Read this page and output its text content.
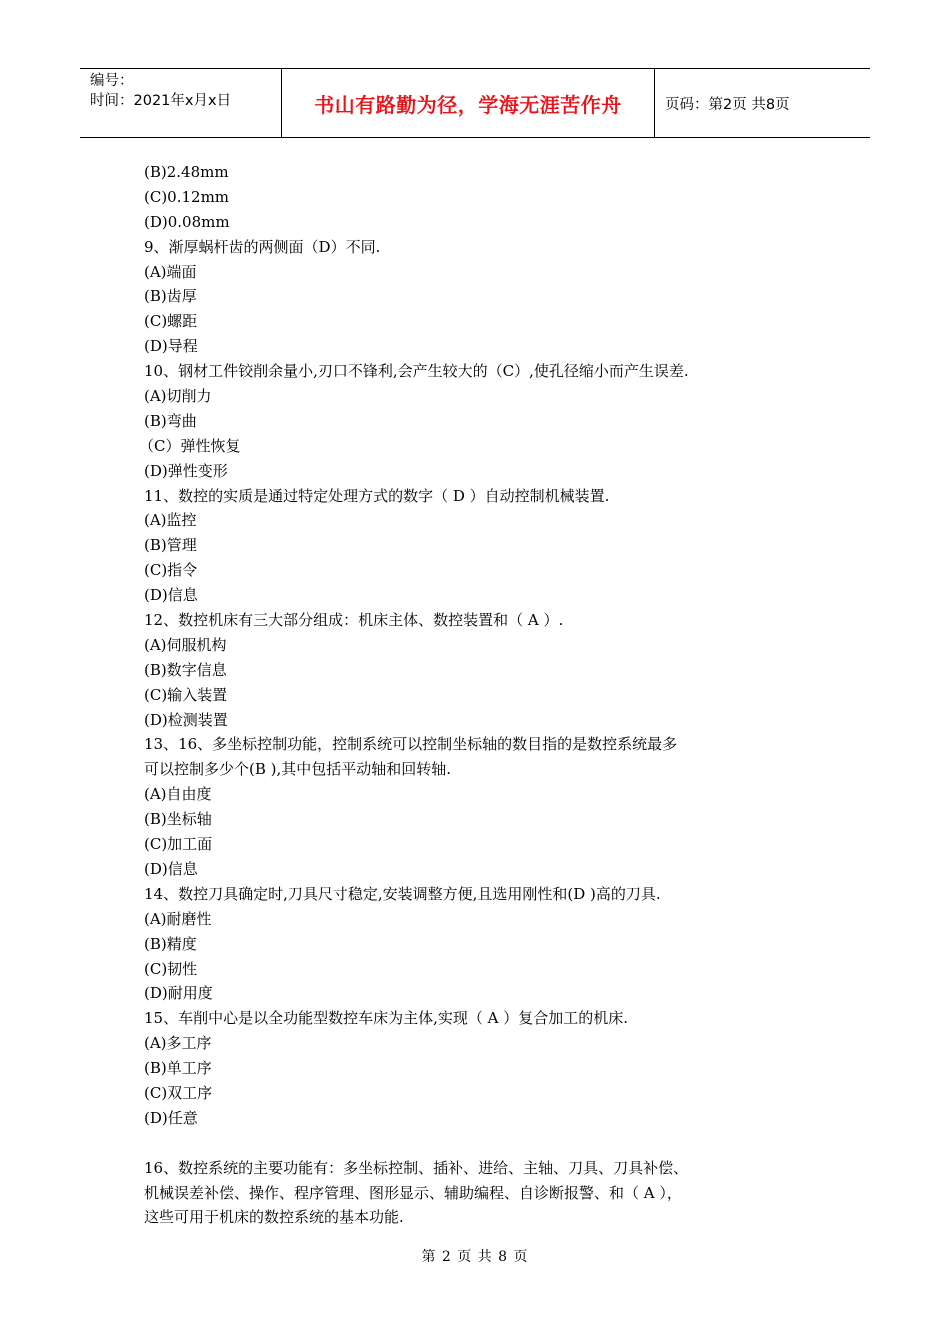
编号：
时间：2021年x月x日	书山有路勤为径，学海无涯苦作舟	页码：第2页 共8页
(B)2.48mm
(C)0.12mm
(D)0.08mm
9、渐厚蜗杆齿的两侧面（D）不同.
(A)端面
(B)齿厚
(C)螺距
(D)导程
10、钢材工件铰削余量小,刃口不锋利,会产生较大的（C）,使孔径缩小而产生误差.
(A)切削力
(B)弯曲
（C）弹性恢复
(D)弹性变形
11、数控的实质是通过特定处理方式的数字（ D ）自动控制机械装置.
(A)监控
(B)管理
(C)指令
(D)信息
12、数控机床有三大部分组成：机床主体、数控装置和（ A ）.
(A)伺服机构
(B)数字信息
(C)输入装置
(D)检测装置
13、16、多坐标控制功能，控制系统可以控制坐标轴的数目指的是数控系统最多
可以控制多少个(B ),其中包括平动轴和回转轴.
(A)自由度
(B)坐标轴
(C)加工面
(D)信息
14、数控刀具确定时,刀具尺寸稳定,安装调整方便,且选用刚性和(D )高的刀具.
(A)耐磨性
(B)精度
(C)韧性
(D)耐用度
15、车削中心是以全功能型数控车床为主体,实现（ A ）复合加工的机床.
(A)多工序
(B)单工序
(C)双工序
(D)任意
16、数控系统的主要功能有：多坐标控制、插补、进给、主轴、刀具、刀具补偿、
机械误差补偿、操作、程序管理、图形显示、辅助编程、自诊断报警、和（ A ），
这些可用于机床的数控系统的基本功能.
第 2 页 共 8 页
